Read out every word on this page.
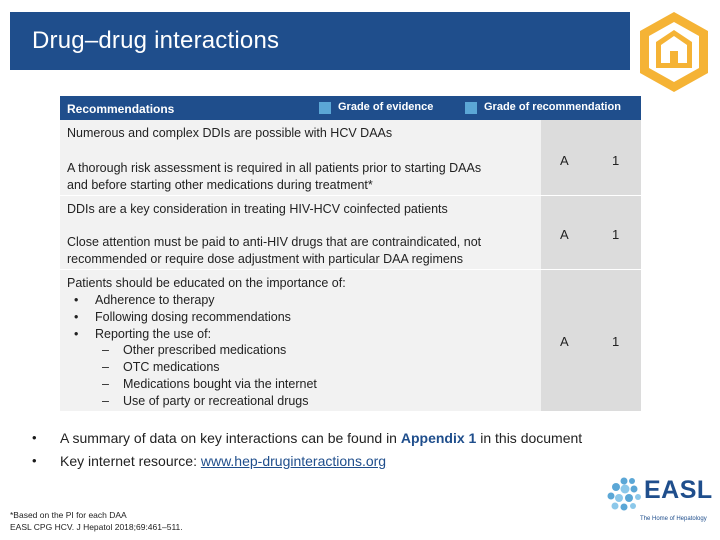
Drug–drug interactions
Recommendations	Grade of evidence	Grade of recommendation
Numerous and complex DDIs are possible with HCV DAAs
A thorough risk assessment is required in all patients prior to starting DAAs
and before starting other medications during treatment*
A	1
DDIs are a key consideration in treating HIV-HCV coinfected patients
Close attention must be paid to anti-HIV drugs that are contraindicated, not
recommended or require dose adjustment with particular DAA regimens
A	1
Patients should be educated on the importance of:
• Adherence to therapy
• Following dosing recommendations
• Reporting the use of:
– Other prescribed medications
– OTC medications
– Medications bought via the internet
– Use of party or recreational drugs
A	1
• A summary of data on key interactions can be found in Appendix 1 in this document
• Key internet resource: www.hep-druginteractions.org
*Based on the PI for each DAA
EASL CPG HCV. J Hepatol 2018;69:461–511.
EASL
The Home of Hepatology
